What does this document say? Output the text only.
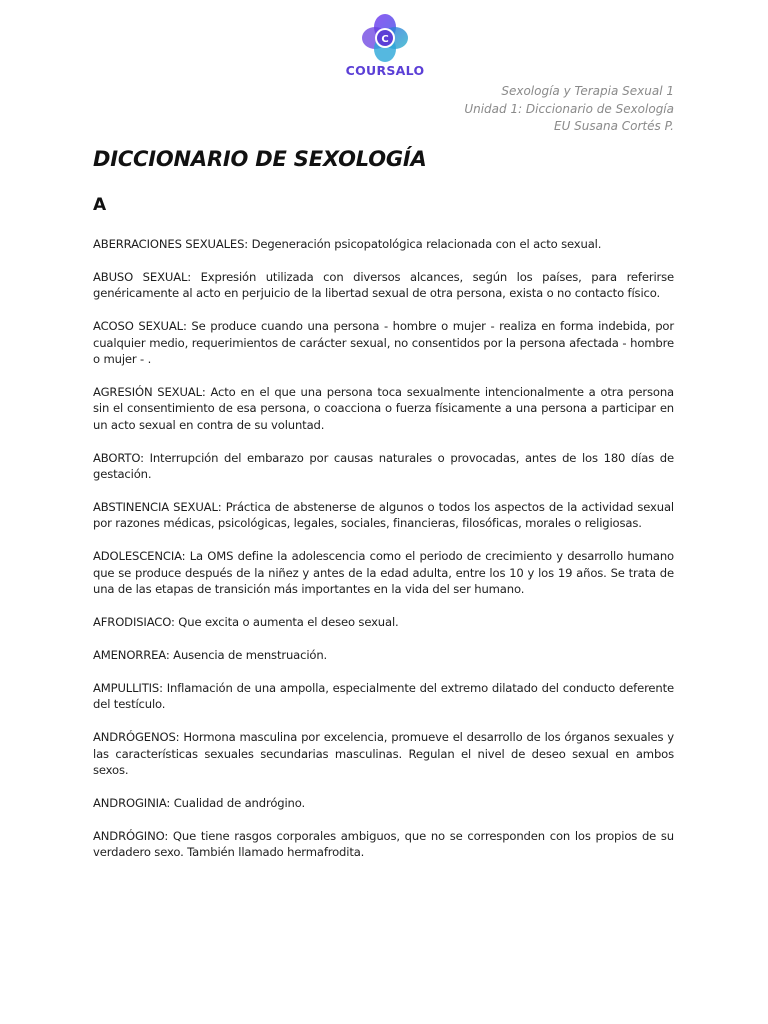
C
COURSALO
Sexología y Terapia Sexual 1
Unidad 1: Diccionario de Sexología
EU Susana Cortés P.
DICCIONARIO DE SEXOLOGÍA
A

ABERRACIONES SEXUALES: Degeneración psicopatológica relacionada con el acto sexual.

ABUSO SEXUAL: Expresión utilizada con diversos alcances, según los países, para referirse genéricamente al acto en perjuicio de la libertad sexual de otra persona, exista o no contacto físico.

ACOSO SEXUAL: Se produce cuando una persona - hombre o mujer - realiza en forma indebida, por cualquier medio, requerimientos de carácter sexual, no consentidos por la persona afectada - hombre o mujer - .

AGRESIÓN SEXUAL: Acto en el que una persona toca sexualmente intencionalmente a otra persona sin el consentimiento de esa persona, o coacciona o fuerza físicamente a una persona a participar en un acto sexual en contra de su voluntad.

ABORTO: Interrupción del embarazo por causas naturales o provocadas, antes de los 180 días de gestación.

ABSTINENCIA SEXUAL: Práctica de abstenerse de algunos o todos los aspectos de la actividad sexual por razones médicas, psicológicas, legales, sociales, financieras, filosóficas, morales o religiosas.

ADOLESCENCIA: La OMS define la adolescencia como el periodo de crecimiento y desarrollo humano que se produce después de la niñez y antes de la edad adulta, entre los 10 y los 19 años. Se trata de una de las etapas de transición más importantes en la vida del ser humano.

AFRODISIACO: Que excita o aumenta el deseo sexual.

AMENORREA: Ausencia de menstruación.

AMPULLITIS: Inflamación de una ampolla, especialmente del extremo dilatado del conducto deferente del testículo.

ANDRÓGENOS: Hormona masculina por excelencia, promueve el desarrollo de los órganos sexuales y las características sexuales secundarias masculinas. Regulan el nivel de deseo sexual en ambos sexos.

ANDROGINIA: Cualidad de andrógino.

ANDRÓGINO: Que tiene rasgos corporales ambiguos, que no se corresponden con los propios de su verdadero sexo. También llamado hermafrodita.
